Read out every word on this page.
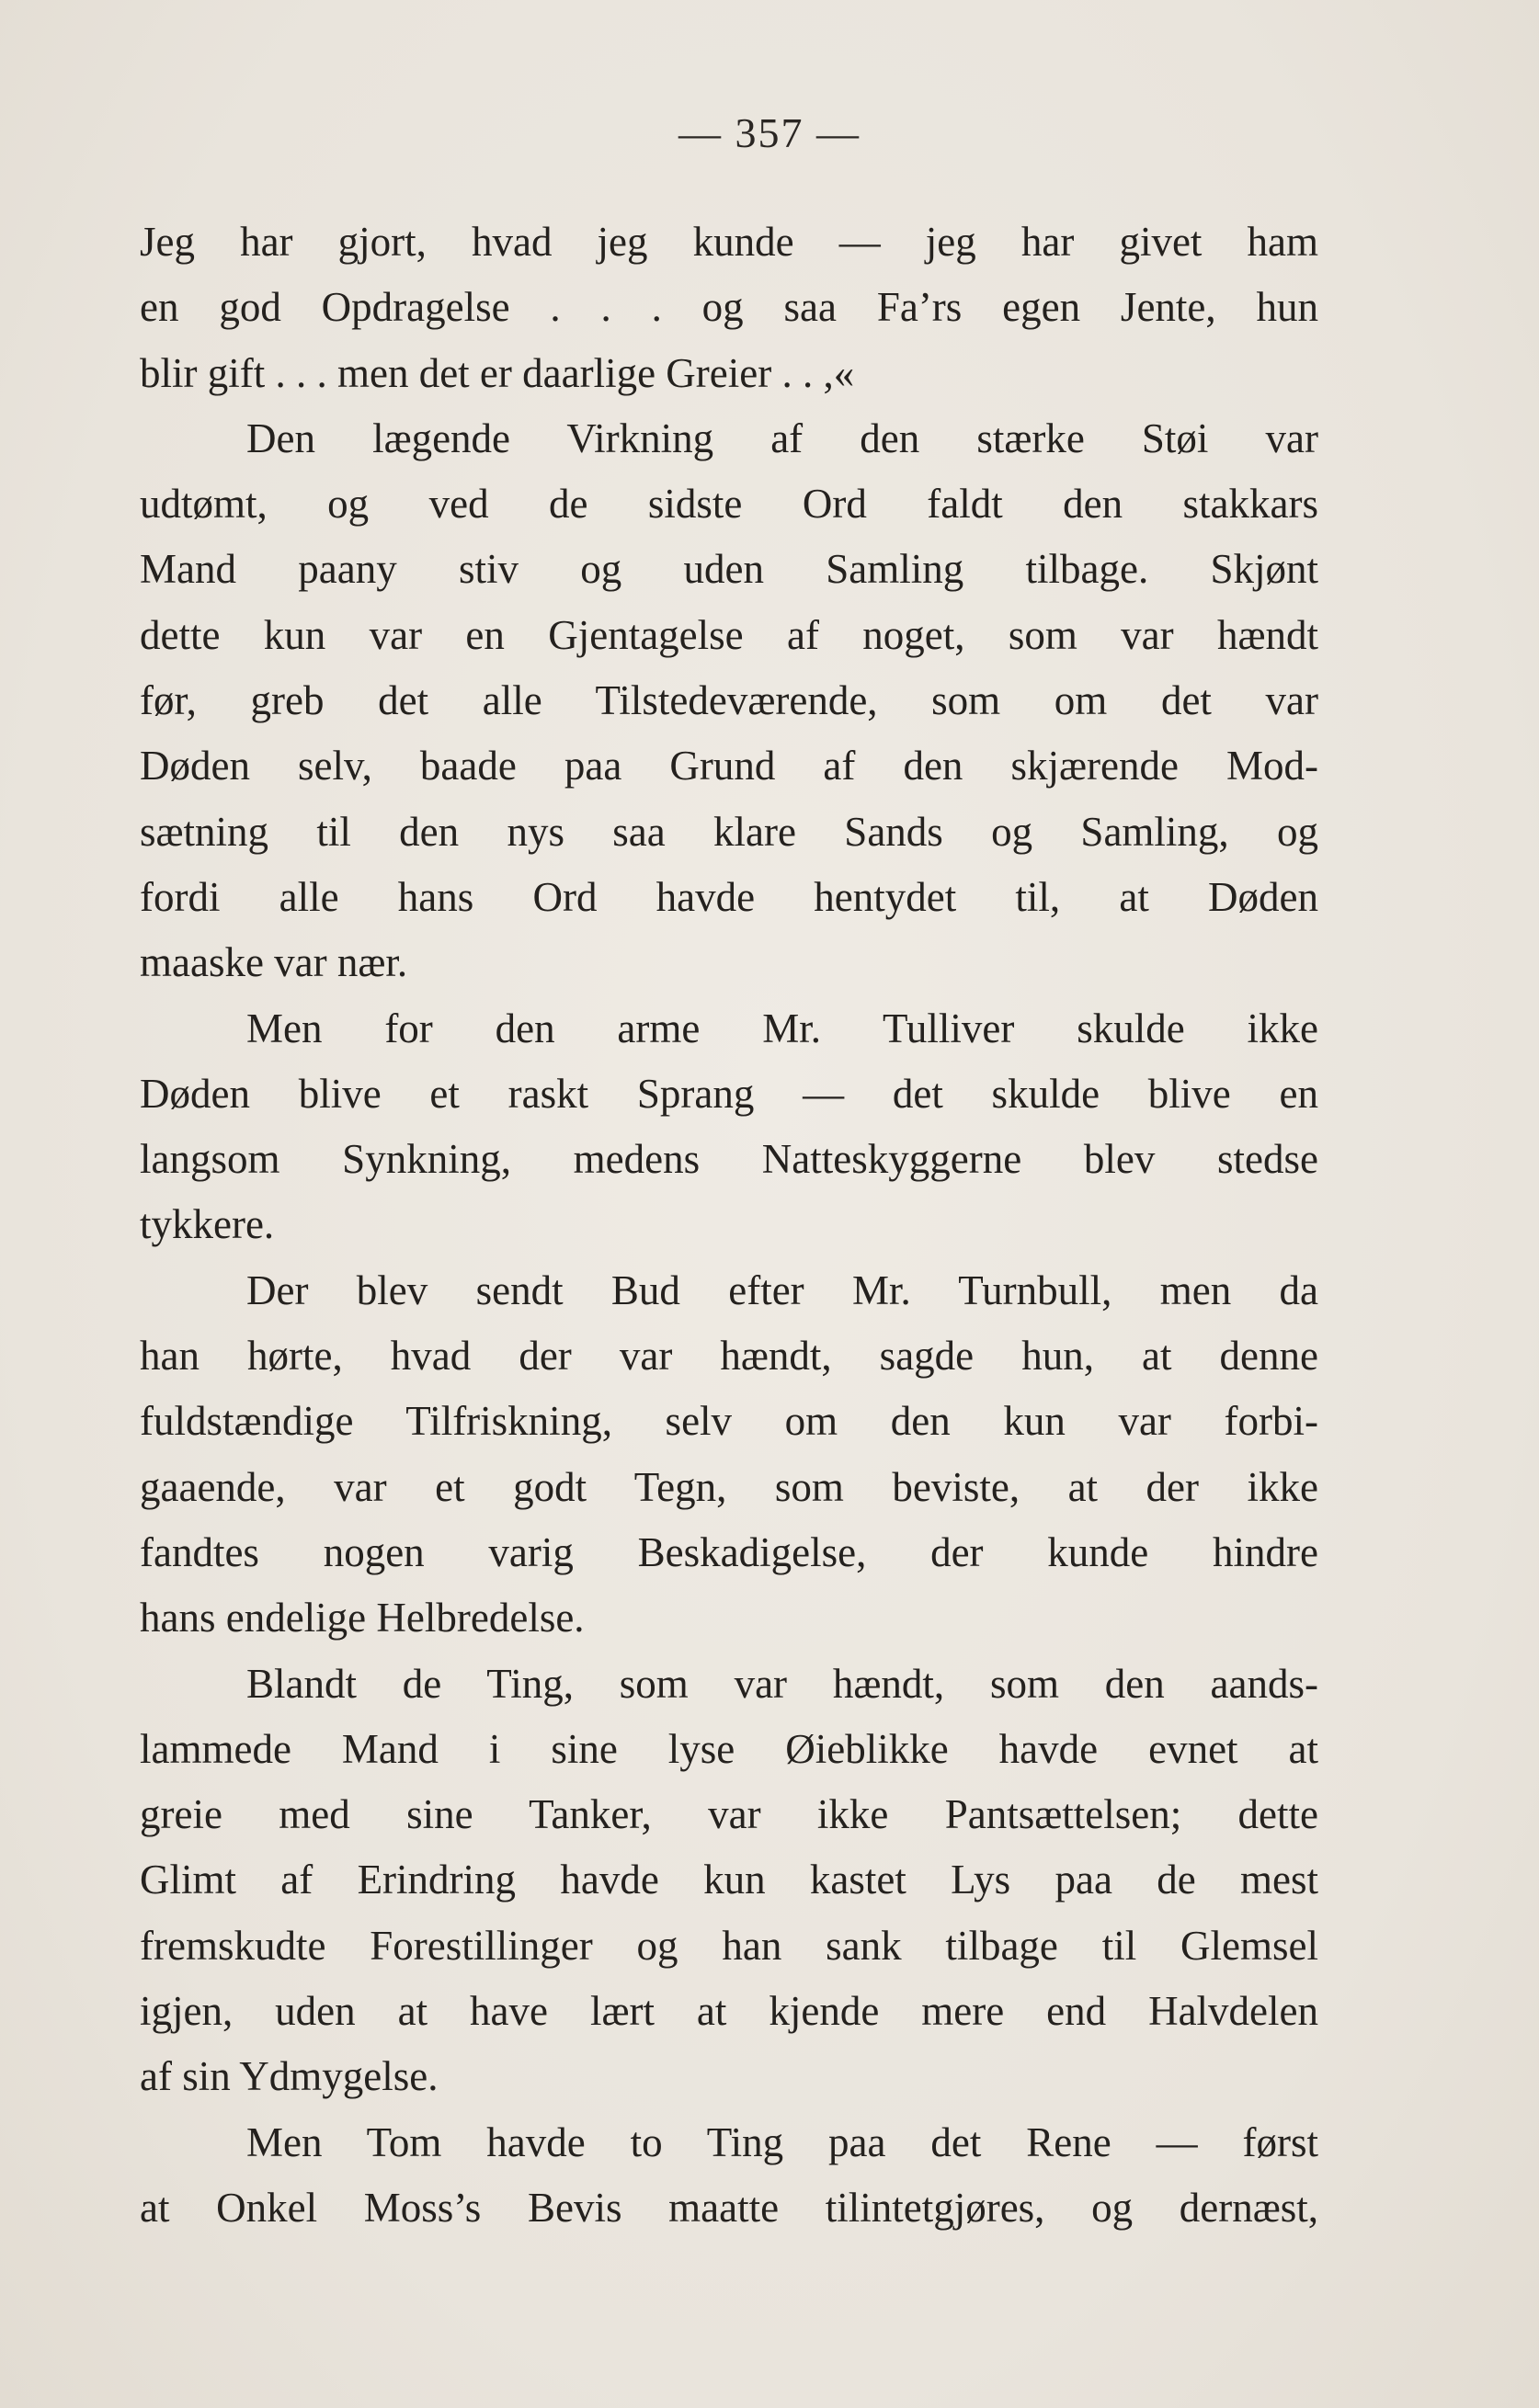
— 357 —
Jeg har gjort, hvad jeg kunde — jeg har givet ham
en god Opdragelse . . . og saa Fa’rs egen Jente, hun
blir gift . . . men det er daarlige Greier . . ,«
Den lægende Virkning af den stærke Støi var
udtømt, og ved de sidste Ord faldt den stakkars
Mand paany stiv og uden Samling tilbage. Skjønt
dette kun var en Gjentagelse af noget, som var hændt
før, greb det alle Tilstedeværende, som om det var
Døden selv, baade paa Grund af den skjærende Mod-
sætning til den nys saa klare Sands og Samling, og
fordi alle hans Ord havde hentydet til, at Døden
maaske var nær.
Men for den arme Mr. Tulliver skulde ikke
Døden blive et raskt Sprang — det skulde blive en
langsom Synkning, medens Natteskyggerne blev stedse
tykkere.
Der blev sendt Bud efter Mr. Turnbull, men da
han hørte, hvad der var hændt, sagde hun, at denne
fuldstændige Tilfriskning, selv om den kun var forbi-
gaaende, var et godt Tegn, som beviste, at der ikke
fandtes nogen varig Beskadigelse, der kunde hindre
hans endelige Helbredelse.
Blandt de Ting, som var hændt, som den aands-
lammede Mand i sine lyse Øieblikke havde evnet at
greie med sine Tanker, var ikke Pantsættelsen; dette
Glimt af Erindring havde kun kastet Lys paa de mest
fremskudte Forestillinger og han sank tilbage til Glemsel
igjen, uden at have lært at kjende mere end Halvdelen
af sin Ydmygelse.
Men Tom havde to Ting paa det Rene — først
at Onkel Moss’s Bevis maatte tilintetgjøres, og dernæst,
